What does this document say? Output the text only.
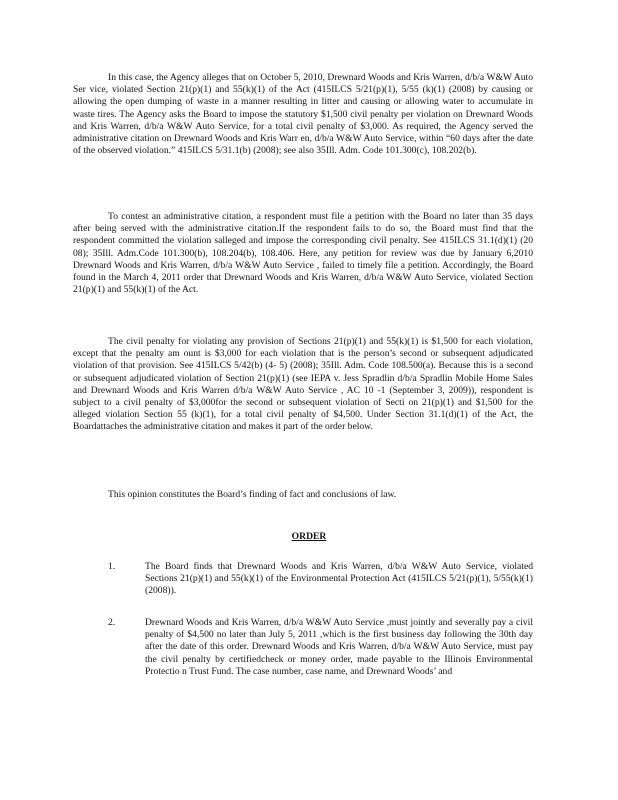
In this case, the Agency alleges that on October 5, 2010, Drewnard Woods and Kris Warren, d/b/a W&W Auto Ser vice, violated Section 21(p)(1) and 55(k)(1) of the Act (415ILCS 5/21(p)(1), 5/55 (k)(1) (2008) by causing or allowing the open dumping of waste in a manner resulting in litter and causing or allowing water to accumulate in waste tires. The Agency asks the Board to impose the statutory $1,500 civil penalty per violation on Drewnard Woods and Kris Warren, d/b/a W&W Auto Service, for a total civil penalty of $3,000. As required, the Agency served the administrative citation on Drewnard Woods and Kris Warr en, d/b/a W&W Auto Service, within “60 days after the date of the observed violation.” 415ILCS 5/31.1(b) (2008); see also 35Ill. Adm. Code 101.300(c), 108.202(b).

To contest an administrative citation, a respondent must file a petition with the Board no later than 35 days after being served with the administrative citation.If the respondent fails to do so, the Board must find that the respondent committed the violation salleged and impose the corresponding civil penalty. See 415ILCS 31.1(d)(1) (20 08); 35Ill. Adm.Code 101.300(b), 108.204(b), 108.406. Here, any petition for review was due by January 6,2010 Drewnard Woods and Kris Warren, d/b/a W&W Auto Service , failed to timely file a petition. Accordingly, the Board found in the March 4, 2011 order that Drewnard Woods and Kris Warren, d/b/a W&W Auto Service, violated Section 21(p)(1) and 55(k)(1) of the Act.

The civil penalty for violating any provision of Sections 21(p)(1) and 55(k)(1) is $1,500 for each violation, except that the penalty am ount is $3,000 for each violation that is the person’s second or subsequent adjudicated violation of that provision. See 415ILCS 5/42(b) (4- 5) (2008); 35Ill. Adm. Code 108.500(a). Because this is a second or subsequent adjudicated violation of Section 21(p)(1) (see IEPA v. Jess Spradlin d/b/a Spradlin Mobile Home Sales and Drewnard Woods and Kris Warren d/b/a W&W Auto Service , AC 10 -1 (September 3, 2009)), respondent is subject to a civil penalty of $3,000for the second or subsequent violation of Secti on 21(p)(1) and $1,500 for the alleged violation Section 55 (k)(1), for a total civil penalty of $4,500. Under Section 31.1(d)(1) of the Act, the Boardattaches the administrative citation and makes it part of the order below.

This opinion constitutes the Board’s finding of fact and conclusions of law.

ORDER
1.	The Board finds that Drewnard Woods and Kris Warren, d/b/a W&W Auto Service, violated Sections 21(p)(1) and 55(k)(1) of the Environmental Protection Act (415ILCS 5/21(p)(1), 5/55(k)(1) (2008)).
2.	Drewnard Woods and Kris Warren, d/b/a W&W Auto Service ,must jointly and severally pay a civil penalty of $4,500 no later than July 5, 2011 ,which is the first business day following the 30th day after the date of this order. Drewnard Woods and Kris Warren, d/b/a W&W Auto Service, must pay the civil penalty by certifiedcheck or money order, made payable to the Illinois Environmental Protectio n Trust Fund. The case number, case name, and Drewnard Woods’ and
